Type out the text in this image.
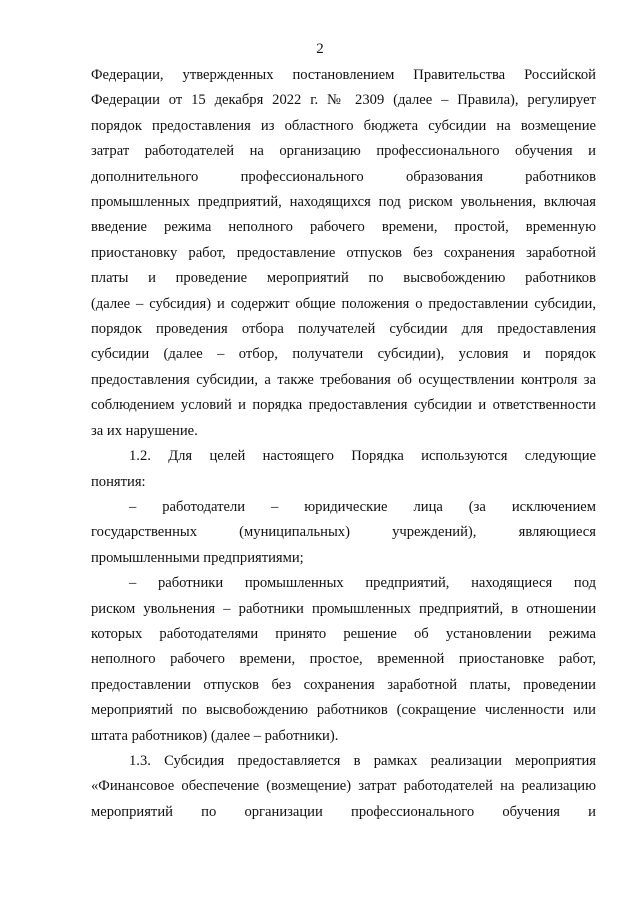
2
Федерации, утвержденных постановлением Правительства Российской
Федерации от 15 декабря 2022 г. № 2309 (далее – Правила), регулирует
порядок предоставления из областного бюджета субсидии на возмещение
затрат работодателей на организацию профессионального обучения и
дополнительного профессионального образования работников
промышленных предприятий, находящихся под риском увольнения, включая
введение режима неполного рабочего времени, простой, временную
приостановку работ, предоставление отпусков без сохранения заработной
платы и проведение мероприятий по высвобождению работников
(далее – субсидия) и содержит общие положения о предоставлении субсидии,
порядок проведения отбора получателей субсидии для предоставления
субсидии (далее – отбор, получатели субсидии), условия и порядок
предоставления субсидии, а также требования об осуществлении контроля за
соблюдением условий и порядка предоставления субсидии и ответственности
за их нарушение.
1.2. Для целей настоящего Порядка используются следующие
понятия:
– работодатели – юридические лица (за исключением
государственных (муниципальных) учреждений), являющиеся
промышленными предприятиями;
– работники промышленных предприятий, находящиеся под
риском увольнения – работники промышленных предприятий, в отношении
которых работодателями принято решение об установлении режима
неполного рабочего времени, простое, временной приостановке работ,
предоставлении отпусков без сохранения заработной платы, проведении
мероприятий по высвобождению работников (сокращение численности или
штата работников) (далее – работники).
1.3. Субсидия предоставляется в рамках реализации мероприятия
«Финансовое обеспечение (возмещение) затрат работодателей на реализацию
мероприятий по организации профессионального обучения и
